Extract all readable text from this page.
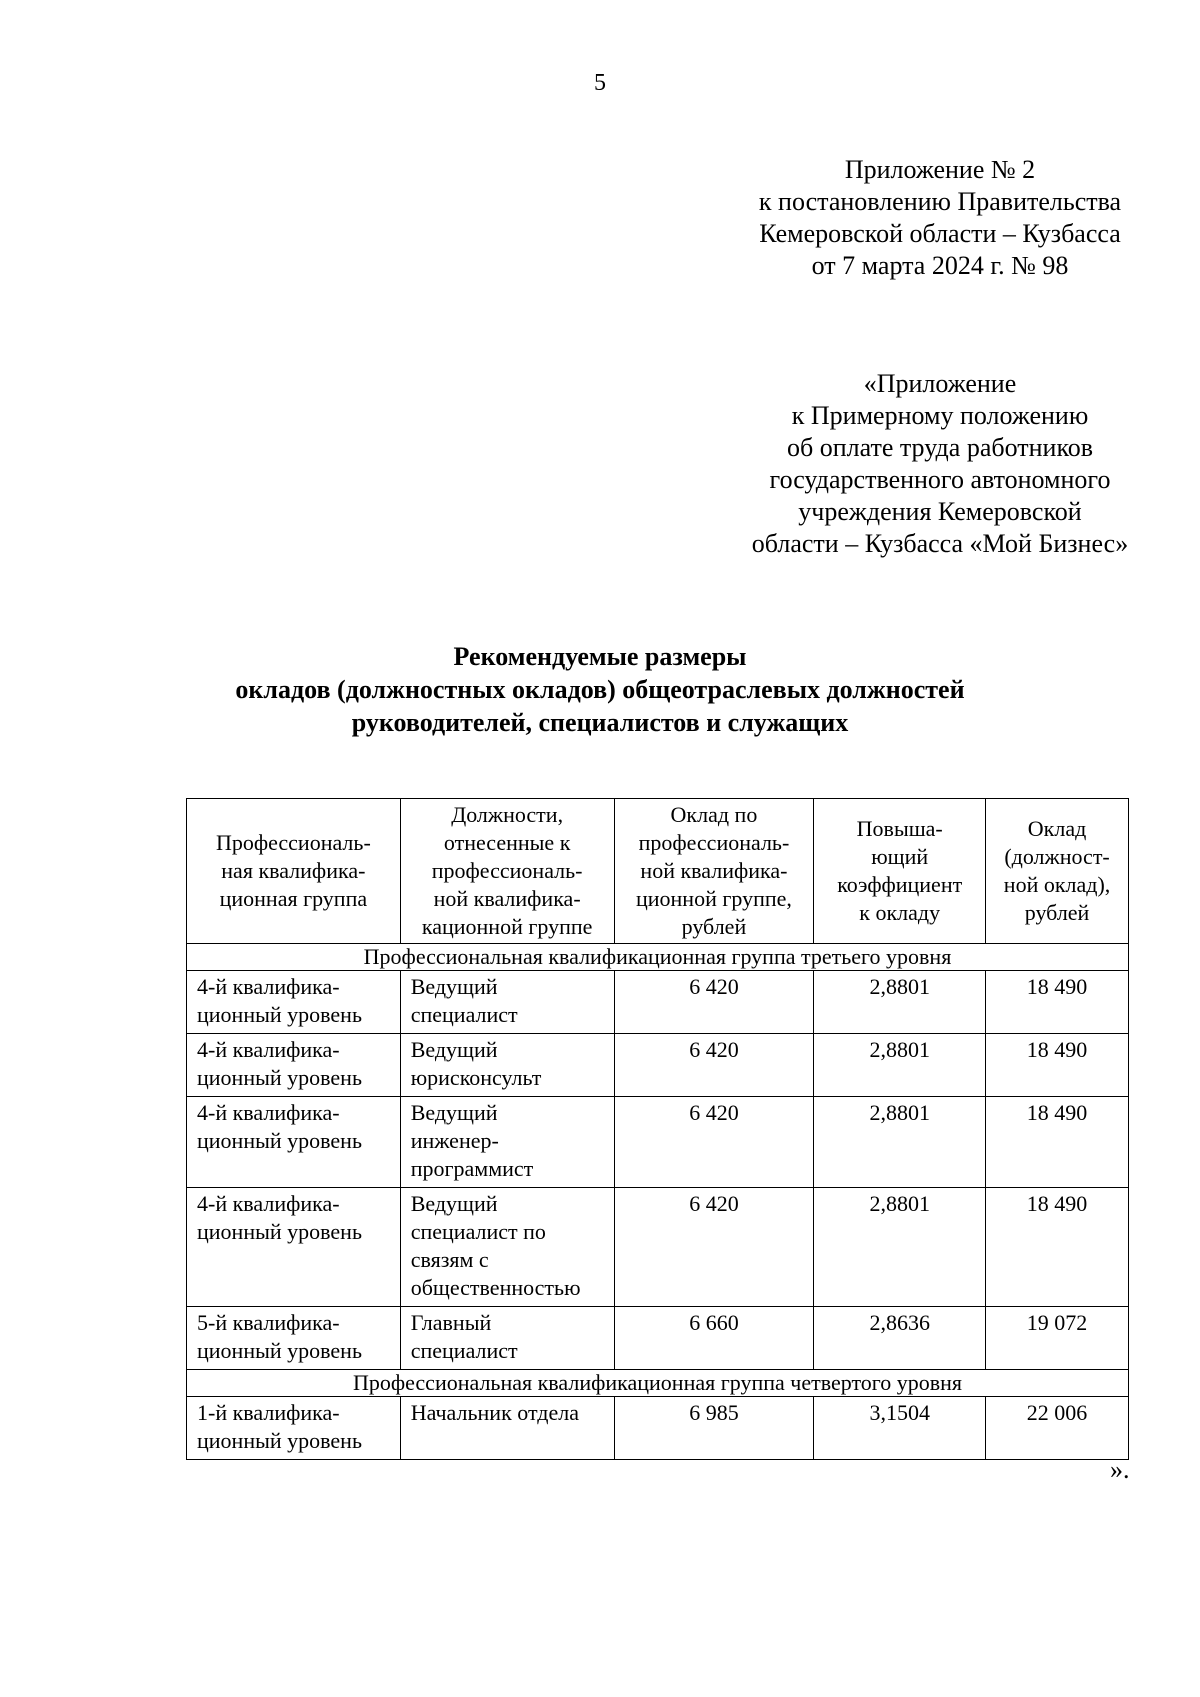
5
Приложение № 2
к постановлению Правительства
Кемеровской области – Кузбасса
от 7 марта 2024 г. № 98
«Приложение
к Примерному положению
об оплате труда работников
государственного автономного
учреждения Кемеровской
области – Кузбасса «Мой Бизнес»
Рекомендуемые размеры
окладов (должностных окладов) общеотраслевых должностей
руководителей, специалистов и служащих
Профессиональ-
ная квалифика-
ционная группа	Должности,
отнесенные к
профессиональ-
ной квалифика-
кационной группе	Оклад по
профессиональ-
ной квалифика-
ционной группе,
рублей	Повыша-
ющий
коэффициент
к окладу	Оклад
(должност-
ной оклад),
рублей
Профессиональная квалификационная группа третьего уровня				
4-й квалифика-
ционный уровень	Ведущий
специалист	6 420	2,8801	18 490
4-й квалифика-
ционный уровень	Ведущий
юрисконсульт	6 420	2,8801	18 490
4-й квалифика-
ционный уровень	Ведущий
инженер-
программист	6 420	2,8801	18 490
4-й квалифика-
ционный уровень	Ведущий
специалист по
связям с
общественностью	6 420	2,8801	18 490
5-й квалифика-
ционный уровень	Главный
специалист	6 660	2,8636	19 072
Профессиональная квалификационная группа четвертого уровня				
1-й квалифика-
ционный уровень	Начальник отдела	6 985	3,1504	22 006
».
